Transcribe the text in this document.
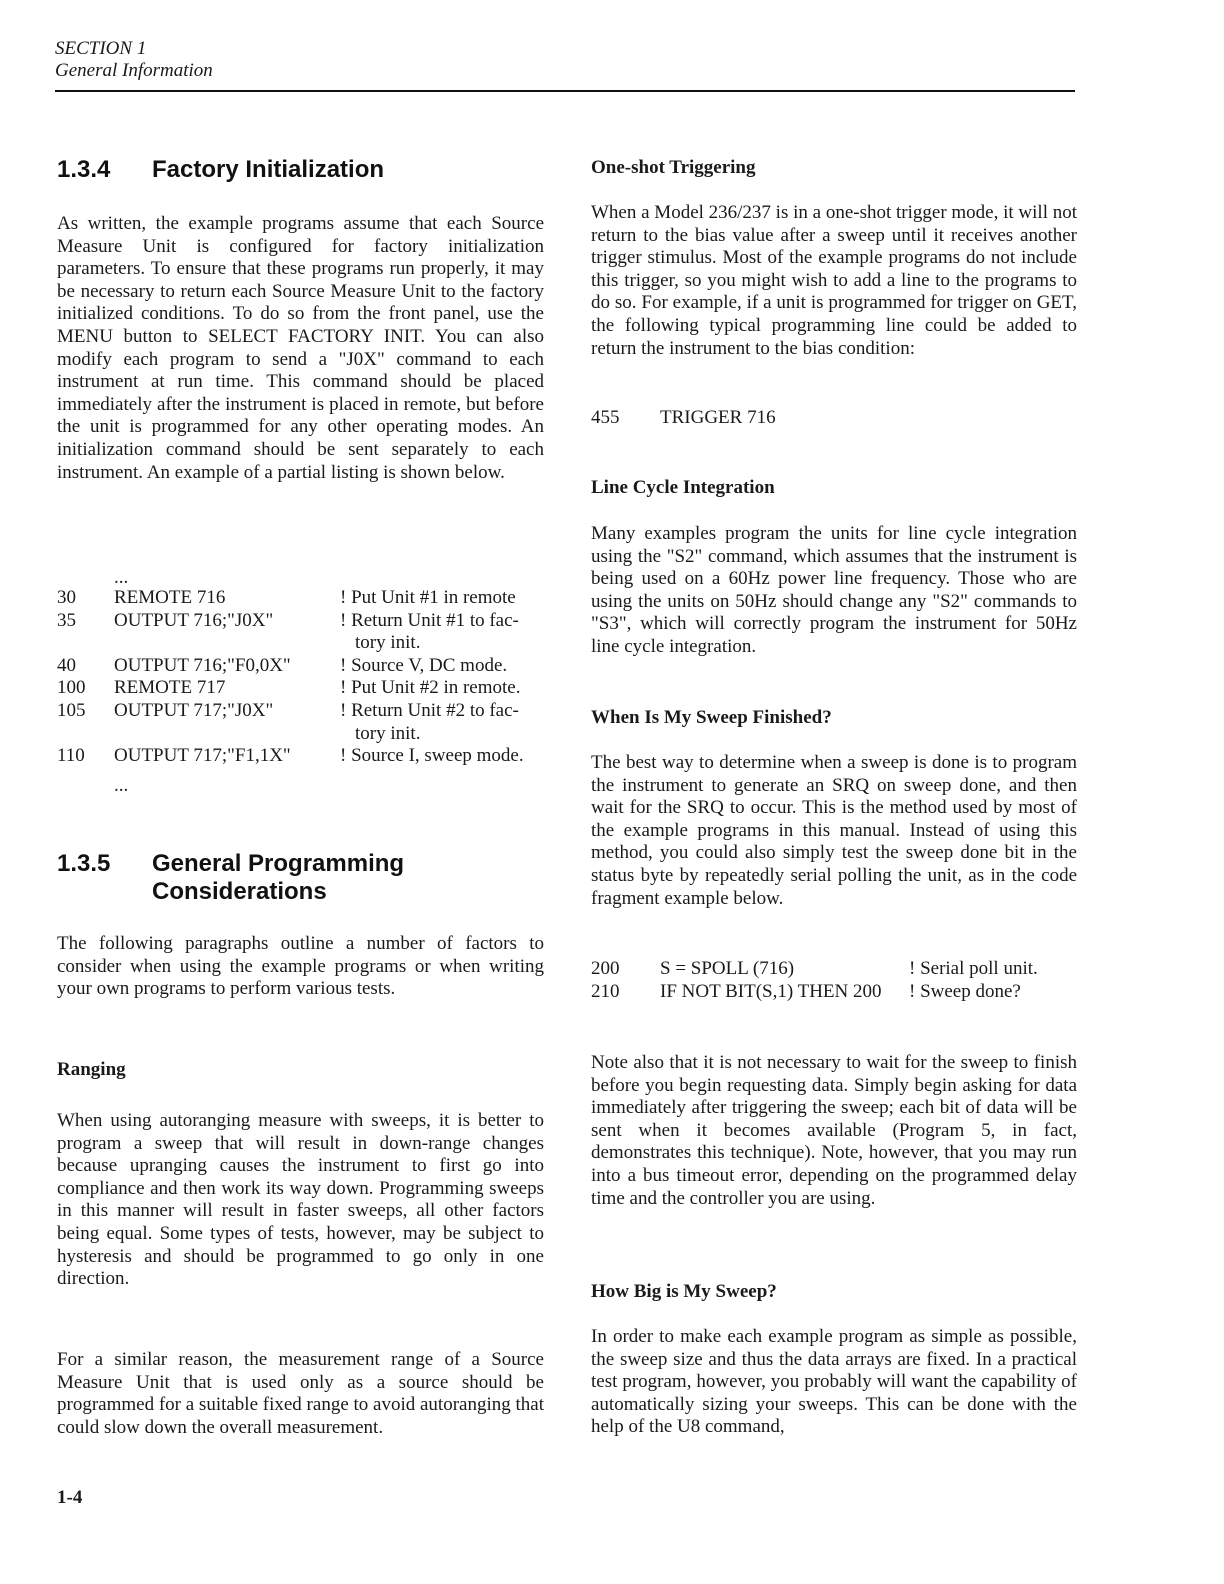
SECTION 1
General Information
1.3.4 Factory Initialization

As written, the example programs assume that each Source Measure Unit is configured for factory initialization parameters. To ensure that these programs run properly, it may be necessary to return each Source Measure Unit to the factory initialized conditions. To do so from the front panel, use the MENU button to SELECT FACTORY INIT. You can also modify each program to send a "J0X" command to each instrument at run time. This command should be placed immediately after the instrument is placed in remote, but before the unit is programmed for any other operating modes. An initialization command should be sent separately to each instrument. An example of a partial listing is shown below.

...
30 REMOTE 716	! Put Unit #1 in remote
35 OUTPUT 716;"J0X"	! Return Unit #1 to fac-
tory init.
40 OUTPUT 716;"F0,0X"	! Source V, DC mode.
100 REMOTE 717	! Put Unit #2 in remote.
105 OUTPUT 717;"J0X"	! Return Unit #2 to fac-
tory init.
110 OUTPUT 717;"F1,1X"	! Source I, sweep mode.
...
1.3.5 General Programming
Considerations

The following paragraphs outline a number of factors to consider when using the example programs or when writing your own programs to perform various tests.

Ranging

When using autoranging measure with sweeps, it is better to program a sweep that will result in down-range changes because upranging causes the instrument to first go into compliance and then work its way down. Programming sweeps in this manner will result in faster sweeps, all other factors being equal. Some types of tests, however, may be subject to hysteresis and should be programmed to go only in one direction.

For a similar reason, the measurement range of a Source Measure Unit that is used only as a source should be programmed for a suitable fixed range to avoid autoranging that could slow down the overall measurement.

One-shot Triggering

When a Model 236/237 is in a one-shot trigger mode, it will not return to the bias value after a sweep until it receives another trigger stimulus. Most of the example programs do not include this trigger, so you might wish to add a line to the programs to do so. For example, if a unit is programmed for trigger on GET, the following typical programming line could be added to return the instrument to the bias condition:

455 TRIGGER 716
Line Cycle Integration

Many examples program the units for line cycle integration using the "S2" command, which assumes that the instrument is being used on a 60Hz power line frequency. Those who are using the units on 50Hz should change any "S2" commands to "S3", which will correctly program the instrument for 50Hz line cycle integration.

When Is My Sweep Finished?

The best way to determine when a sweep is done is to program the instrument to generate an SRQ on sweep done, and then wait for the SRQ to occur. This is the method used by most of the example programs in this manual. Instead of using this method, you could also simply test the sweep done bit in the status byte by repeatedly serial polling the unit, as in the code fragment example below.

200 S = SPOLL (716)	! Serial poll unit.
210 IF NOT BIT(S,1) THEN 200 ! Sweep done?

Note also that it is not necessary to wait for the sweep to finish before you begin requesting data. Simply begin asking for data immediately after triggering the sweep; each bit of data will be sent when it becomes available (Program 5, in fact, demonstrates this technique). Note, however, that you may run into a bus timeout error, depending on the programmed delay time and the controller you are using.

How Big is My Sweep?

In order to make each example program as simple as possible, the sweep size and thus the data arrays are fixed. In a practical test program, however, you probably will want the capability of automatically sizing your sweeps. This can be done with the help of the U8 command,

1-4
